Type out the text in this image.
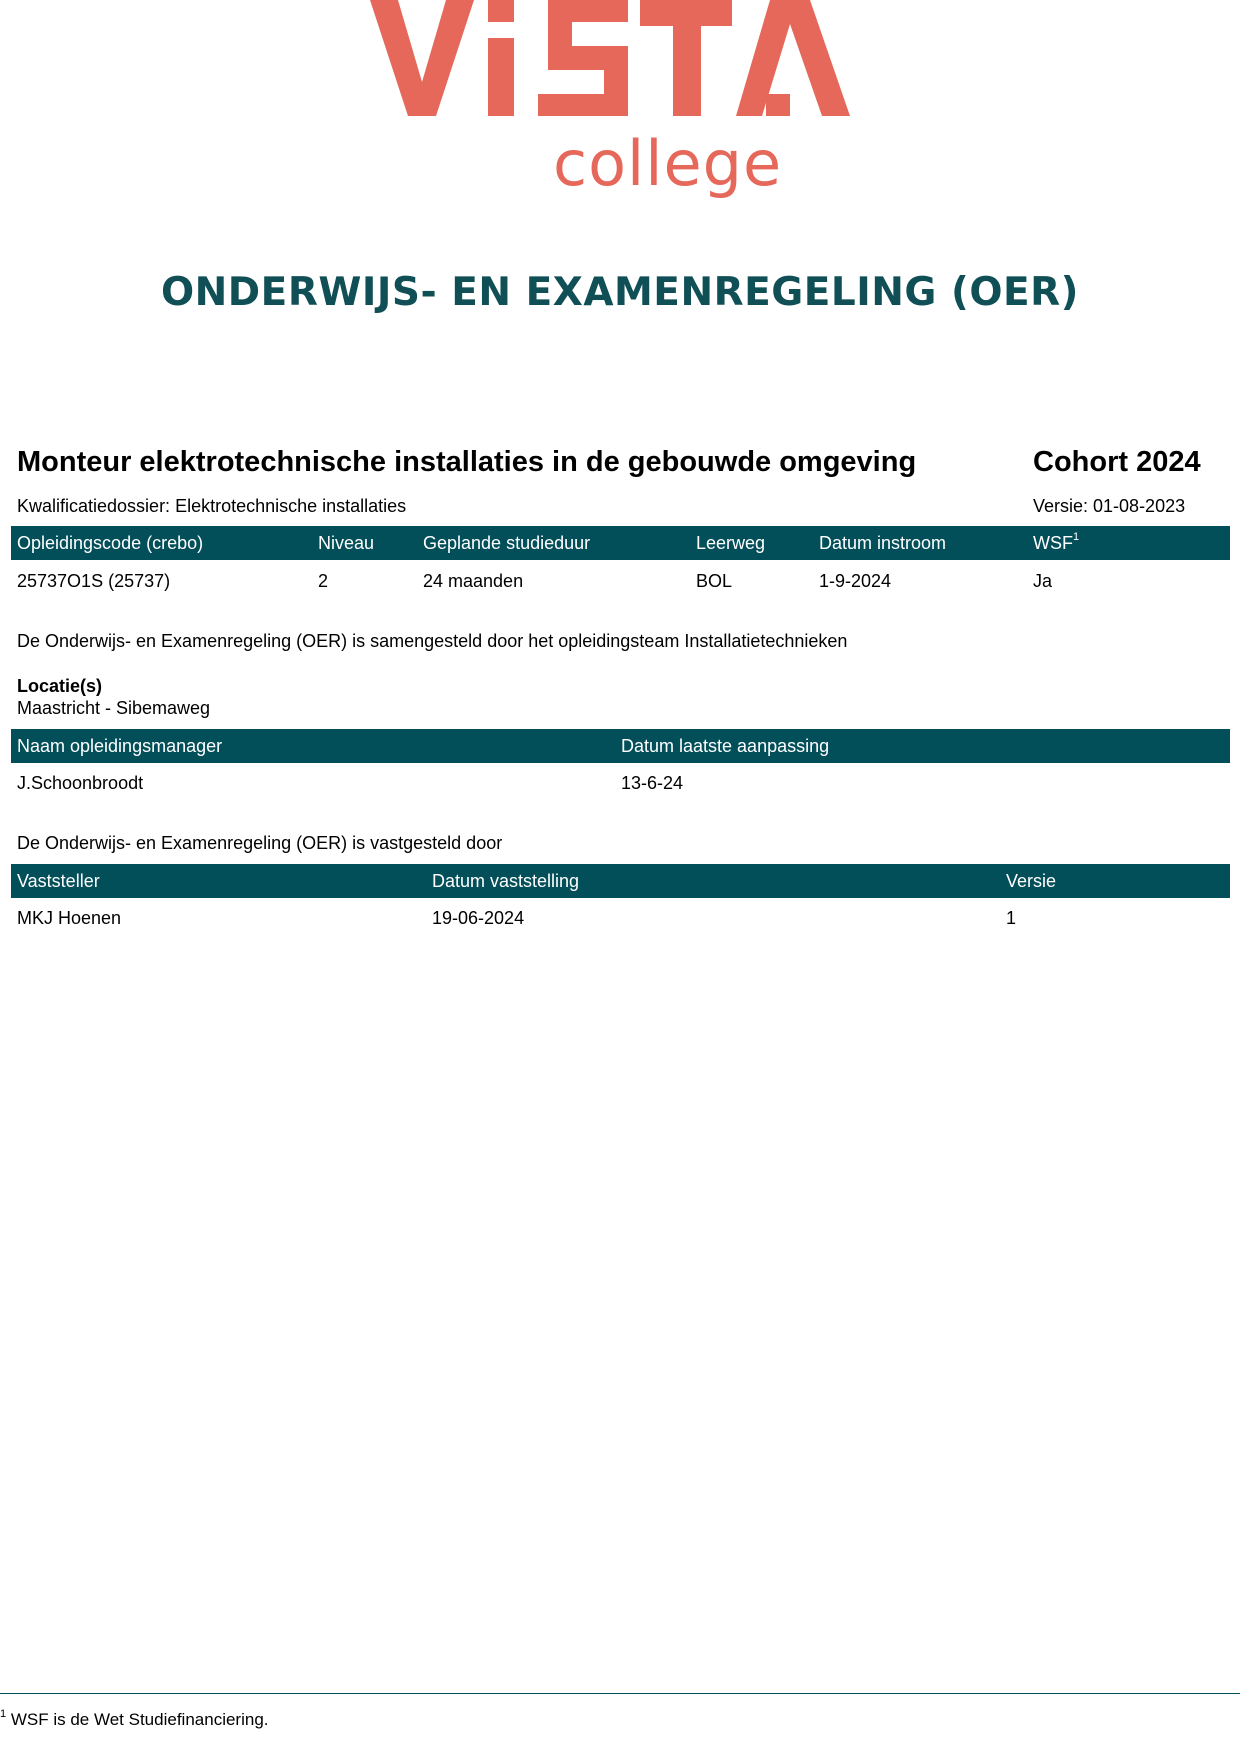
college
ONDERWIJS- EN EXAMENREGELING (OER)
Monteur elektrotechnische installaties in de gebouwde omgeving	Cohort 2024
Kwalificatiedossier: Elektrotechnische installaties	Versie: 01-08-2023
Opleidingscode (crebo)	Niveau	Geplande studieduur	Leerweg	Datum instroom	WSF$^1$
25737O1S (25737)	2	24 maanden	BOL	1-9-2024	Ja
De Onderwijs- en Examenregeling (OER) is samengesteld door het opleidingsteam Installatietechnieken
Locatie(s)
Maastricht - Sibemaweg
Naam opleidingsmanager	Datum laatste aanpassing
J.Schoonbroodt	13-6-24
De Onderwijs- en Examenregeling (OER) is vastgesteld door
Vaststeller	Datum vaststelling	Versie
MKJ Hoenen	19-06-2024	1
$^1$ WSF is de Wet Studiefinanciering.
